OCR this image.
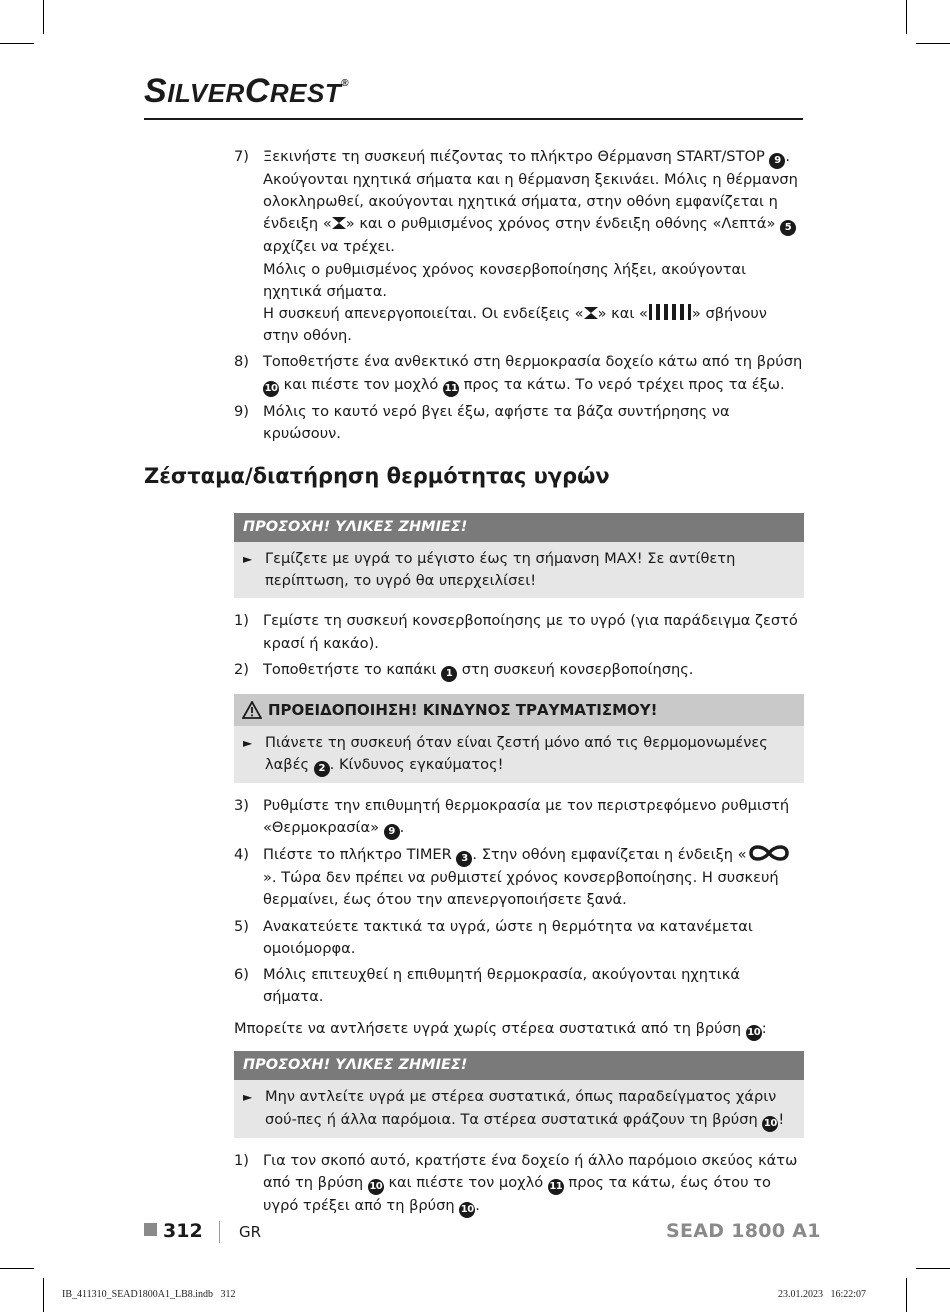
SILVERCREST®
7) Ξεκινήστε τη συσκευή πιέζοντας το πλήκτρο Θέρμανση START/STOP 9 . Ακούγονται ηχητικά σήματα και η θέρμανση ξεκινάει. Μόλις η θέρμανση ολοκληρωθεί, ακούγονται ηχητικά σήματα, στην οθόνη εμφανίζεται η ένδειξη « » και ο ρυθμισμένος χρόνος στην ένδειξη οθόνης «Λεπτά» 5 αρχίζει να τρέχει.

Μόλις ο ρυθμισμένος χρόνος κονσερβοποίησης λήξει, ακούγονται ηχητικά σήματα.

Η συσκευή απενεργοποιείται. Οι ενδείξεις « » και «	» σβήνουν στην οθόνη.

8) Τοποθετήστε ένα ανθεκτικό στη θερμοκρασία δοχείο κάτω από τη βρύση 10 και πιέστε τον μοχλό 11 προς τα κάτω. Το νερό τρέχει προς τα έξω.
9) Μόλις το καυτό νερό βγει έξω, αφήστε τα βάζα συντήρησης να κρυώσουν.
ΠΡΟΣΟΧΗ! ΥΛΙΚΕΣ ΖΗΜΙΕΣ!
► Γεμίζετε με υγρά το μέγιστο έως τη σήμανση MAX! Σε αντίθετη περίπτωση, το υγρό θα υπερχειλίσει!
1) Γεμίστε τη συσκευή κονσερβοποίησης με το υγρό (για παράδειγμα ζεστό κρασί ή κακάο).
2) Τοποθετήστε το καπάκι 1 στη συσκευή κονσερβοποίησης.
ΠΡΟΕΙΔΟΠΟΙΗΣΗ! ΚΙΝΔΥΝΟΣ ΤΡΑΥΜΑΤΙΣΜΟΥ!
► Πιάνετε τη συσκευή όταν είναι ζεστή μόνο από τις θερμομονωμένες λαβές 2 . Κίνδυνος εγκαύματος!
3) Ρυθμίστε την επιθυμητή θερμοκρασία με τον περιστρεφόμενο ρυθμιστή «Θερμοκρασία» 9 .
4) Πιέστε το πλήκτρο TIMER 3 . Στην οθόνη εμφανίζεται η ένδειξη «». Τώρα δεν πρέπει να ρυθμιστεί χρόνος κονσερβοποίησης. Η συσκευή θερμαίνει, έως ότου την απενεργοποιήσετε ξανά.
5) Ανακατεύετε τακτικά τα υγρά, ώστε η θερμότητα να κατανέμεται ομοιόμορφα.
6) Μόλις επιτευχθεί η επιθυμητή θερμοκρασία, ακούγονται ηχητικά σήματα.

Μπορείτε να αντλήσετε υγρά χωρίς στέρεα συστατικά από τη βρύση 10 :

ΠΡΟΣΟΧΗ! ΥΛΙΚΕΣ ΖΗΜΙΕΣ!
► Μην αντλείτε υγρά με στέρεα συστατικά, όπως παραδείγματος χάριν σού-πες ή άλλα παρόμοια. Τα στέρεα συστατικά φράζουν τη βρύση 10 !
1) Για τον σκοπό αυτό, κρατήστε ένα δοχείο ή άλλο παρόμοιο σκεύος κάτω από τη βρύση 10 και πιέστε τον μοχλό 11 προς τα κάτω, έως ότου το υγρό τρέξει από τη βρύση 10 .
Ζέσταμα/διατήρηση θερμότητας υγρών
312 GR	SEAD 1800 A1
IB_411310_SEAD1800A1_LB8.indb   312	23.01.2023   16:22:07
